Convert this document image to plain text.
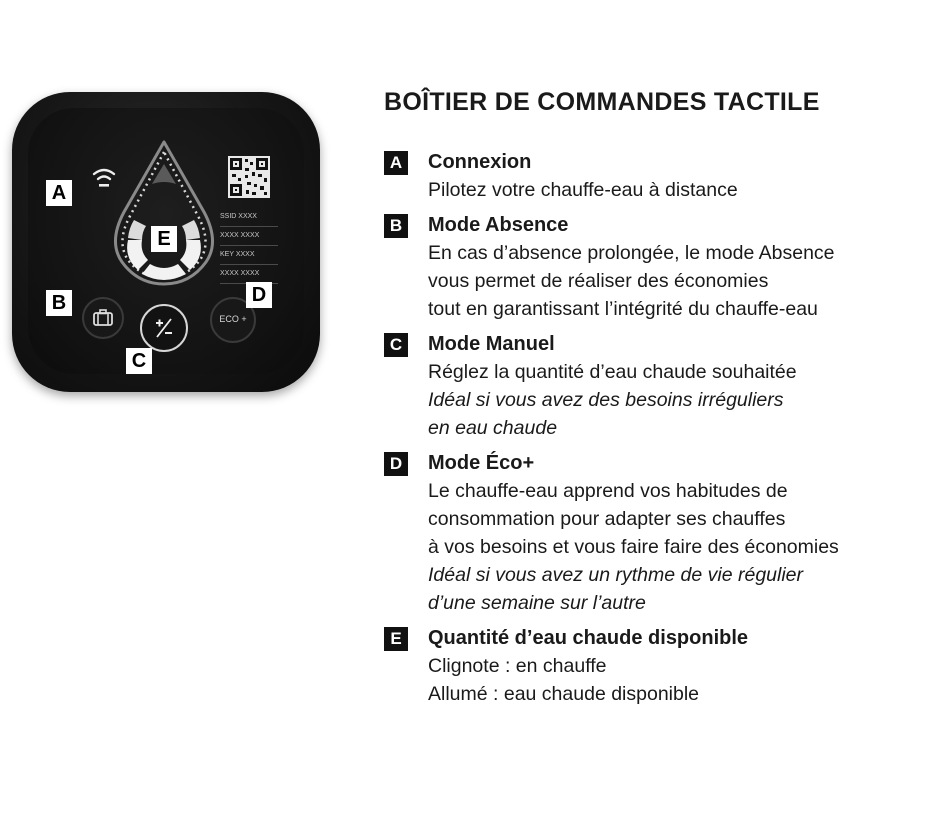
SSID XXXX
XXXX XXXX
KEY XXXX
XXXX XXXX
ECO +
A
B
C
D
E
BOÎTIER DE COMMANDES TACTILE
A Connexion
Pilotez votre chauffe-eau à distance
B Mode Absence
En cas d’absence prolongée, le mode Absence
vous permet de réaliser des économies
tout en garantissant l’intégrité du chauffe-eau
C Mode Manuel
Réglez la quantité d’eau chaude souhaitée
Idéal si vous avez des besoins irréguliers
en eau chaude
D Mode Éco+
Le chauffe-eau apprend vos habitudes de
consommation pour adapter ses chauffes
à vos besoins et vous faire faire des économies
Idéal si vous avez un rythme de vie régulier
d’une semaine sur l’autre
E	Quantité d’eau chaude disponible
Clignote : en chauffe
Allumé : eau chaude disponible
